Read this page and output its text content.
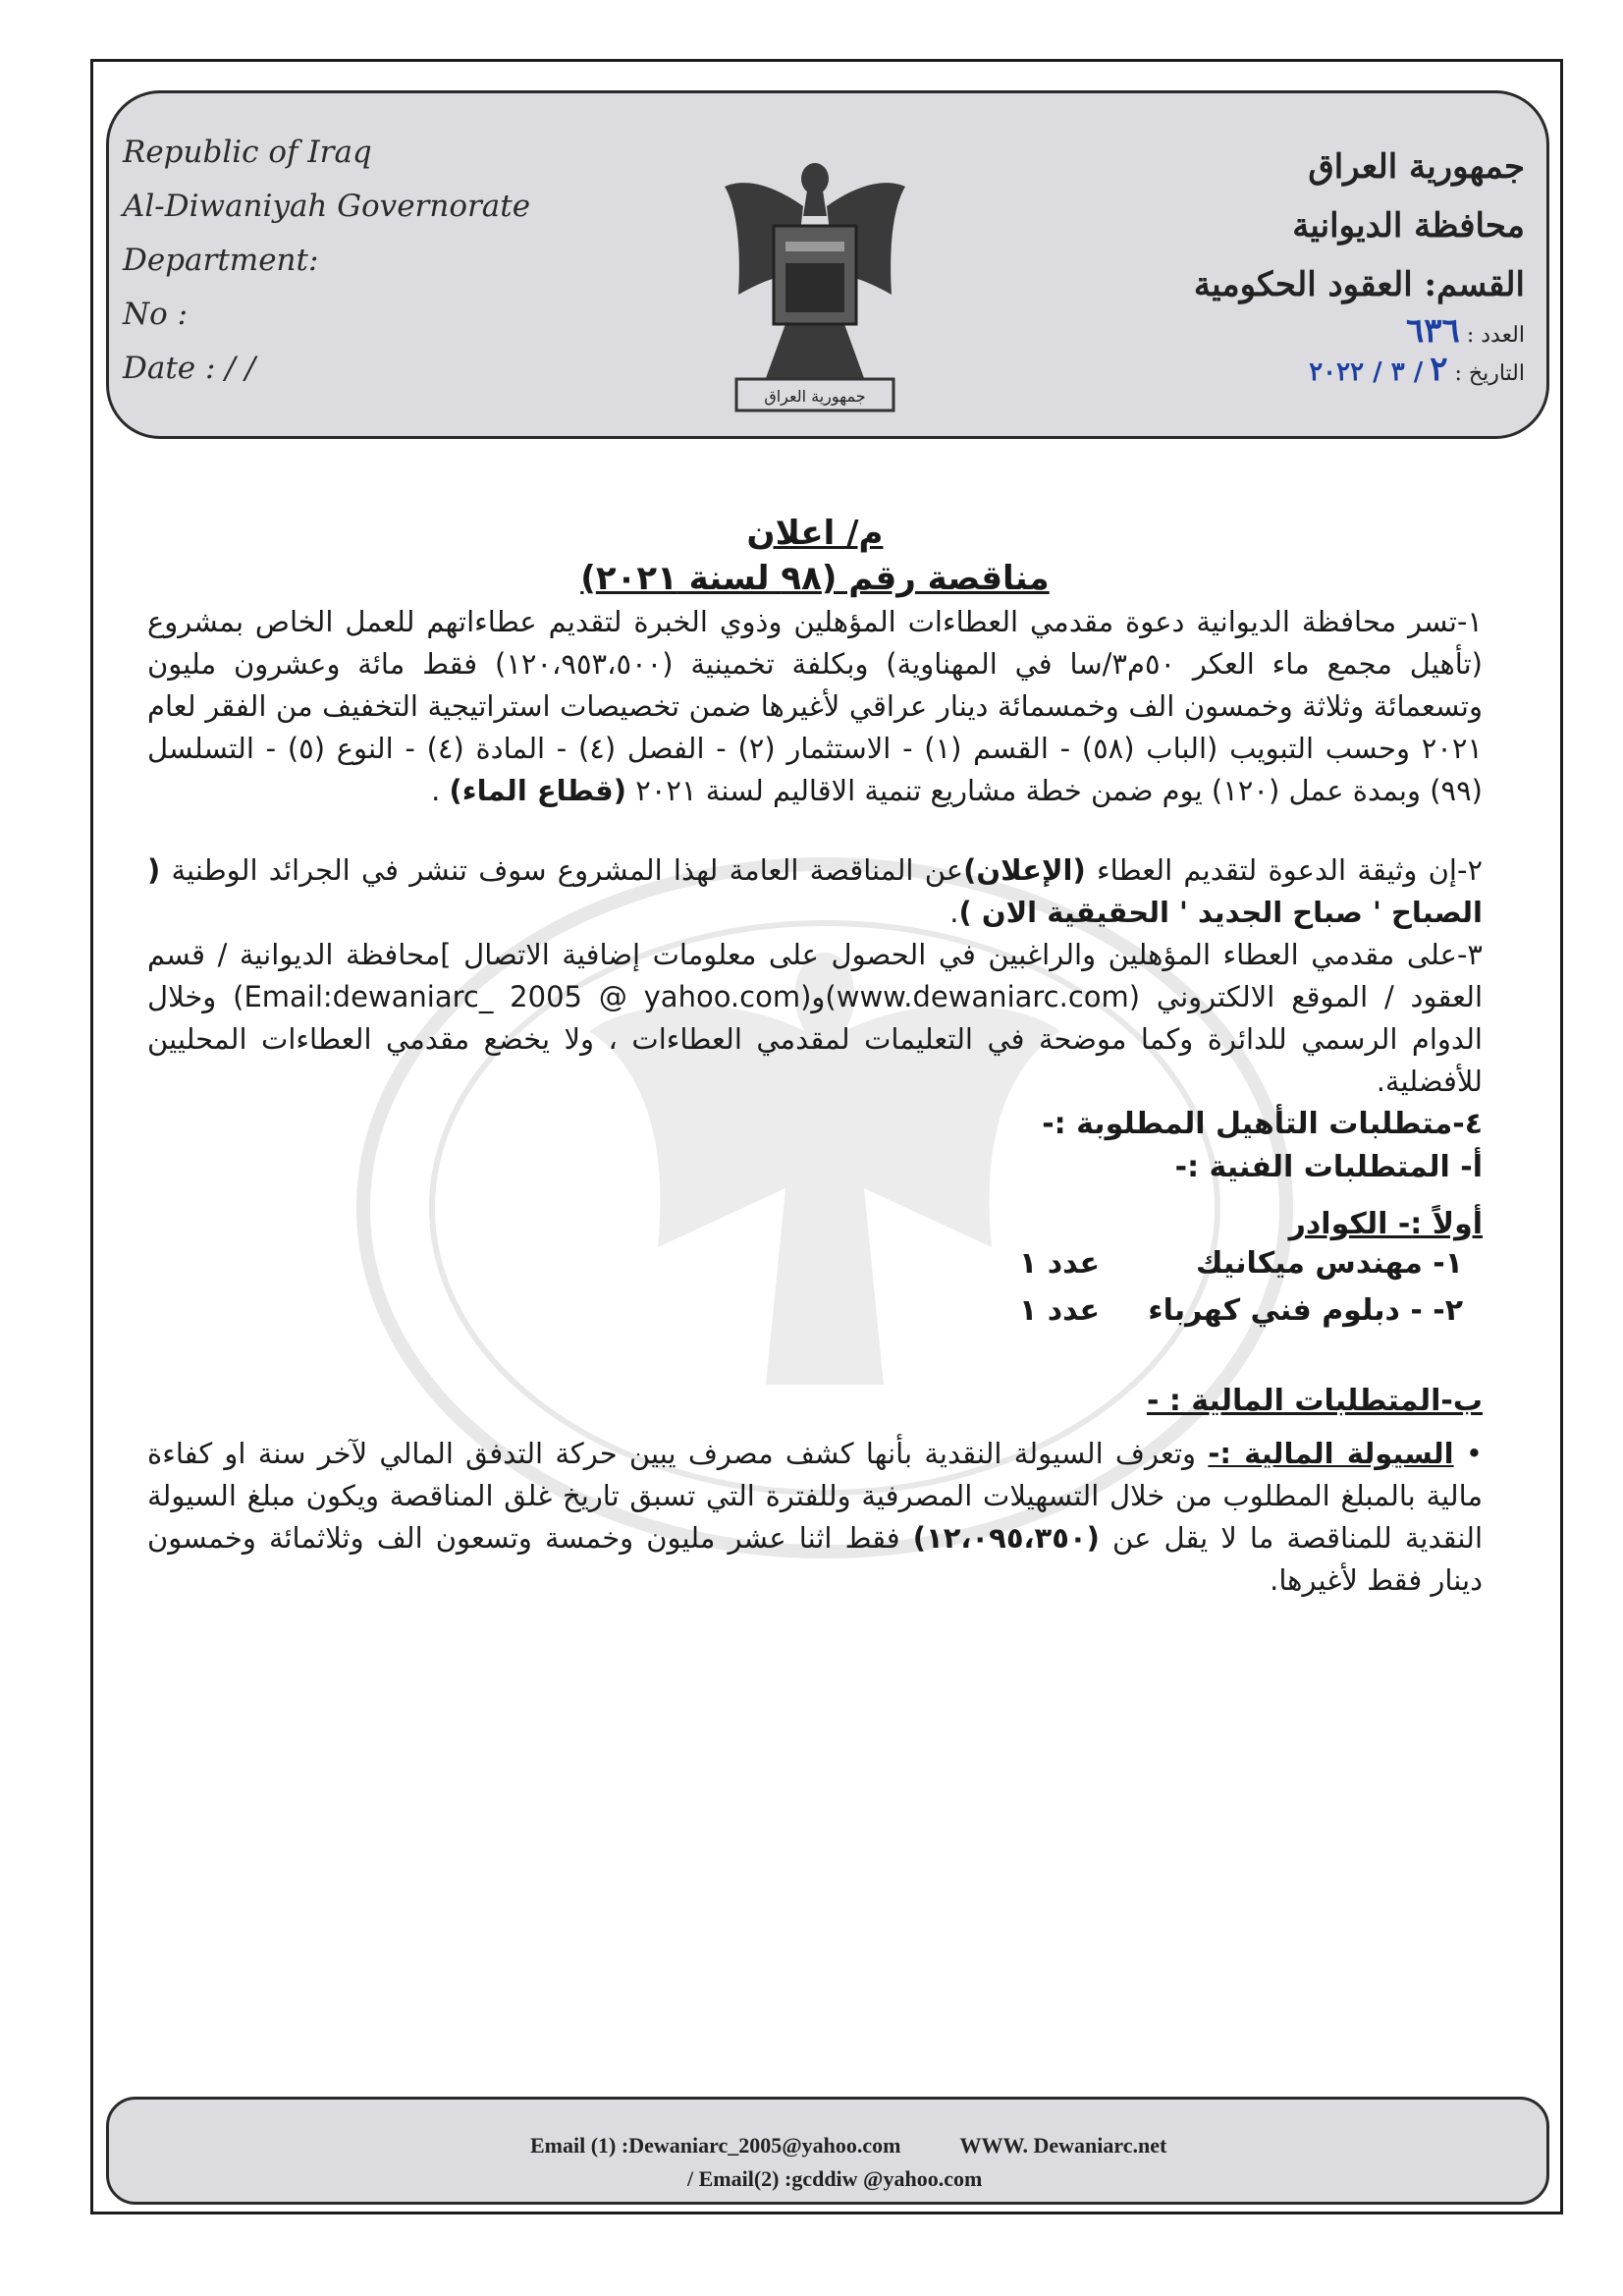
Republic of Iraq
Al-Diwaniyah Governorate
Department:
No :
Date : / /
جمهورية العراق
جمهورية العراق
محافظة الديوانية
القسم: العقود الحكومية
العدد : ٦٣٦
التاريخ : ٢ / ٣ / ٢٠٢٢
م/ اعلان
مناقصة رقم (٩٨ لسنة ٢٠٢١)

١-تسر محافظة الديوانية دعوة مقدمي العطاءات المؤهلين وذوي الخبرة لتقديم عطاءاتهم للعمل الخاص بمشروع (تأهيل مجمع ماء العكر ٥٠م٣/سا في المهناوية) وبكلفة تخمينية (١٢٠،٩٥٣،٥٠٠) فقط مائة وعشرون مليون وتسعمائة وثلاثة وخمسون الف وخمسمائة دينار عراقي لأغيرها ضمن تخصيصات استراتيجية التخفيف من الفقر لعام ٢٠٢١ وحسب التبويب (الباب (٥٨) - القسم (١) - الاستثمار (٢) - الفصل (٤) - المادة (٤) - النوع (٥) - التسلسل (٩٩) وبمدة عمل (١٢٠) يوم ضمن خطة مشاريع تنمية الاقاليم لسنة ٢٠٢١ (قطاع الماء) .

٢-إن وثيقة الدعوة لتقديم العطاء (الإعلان)عن المناقصة العامة لهذا المشروع سوف تنشر في الجرائد الوطنية ( الصباح ' صباح الجديد ' الحقيقية الان ).

٣-على مقدمي العطاء المؤهلين والراغبين في الحصول على معلومات إضافية الاتصال ]محافظة الديوانية / قسم العقود / الموقع الالكتروني (www.dewaniarc.com)و(Email:dewaniarc_ 2005 @ yahoo.com) وخلال الدوام الرسمي للدائرة وكما موضحة في التعليمات لمقدمي العطاءات ، ولا يخضع مقدمي العطاءات المحليين للأفضلية.

٤-متطلبات التأهيل المطلوبة :-

أ- المتطلبات الفنية :-

أولاً :- الكوادر

١- مهندس ميكانيك
عدد ١
٢- - دبلوم فني كهرباء
عدد ١

ب-المتطلبات المالية : -

• السيولة المالية :- وتعرف السيولة النقدية بأنها كشف مصرف يبين حركة التدفق المالي لآخر سنة او كفاءة مالية بالمبلغ المطلوب من خلال التسهيلات المصرفية وللفترة التي تسبق تاريخ غلق المناقصة ويكون مبلغ السيولة النقدية للمناقصة ما لا يقل عن (١٢،٠٩٥،٣٥٠) فقط اثنا عشر مليون وخمسة وتسعون الف وثلاثمائة وخمسون دينار فقط لأغيرها.

Email (1) :Dewaniarc_2005@yahoo.com	WWW. Dewaniarc.net
/ Email(2) :gcddiw @yahoo.com
